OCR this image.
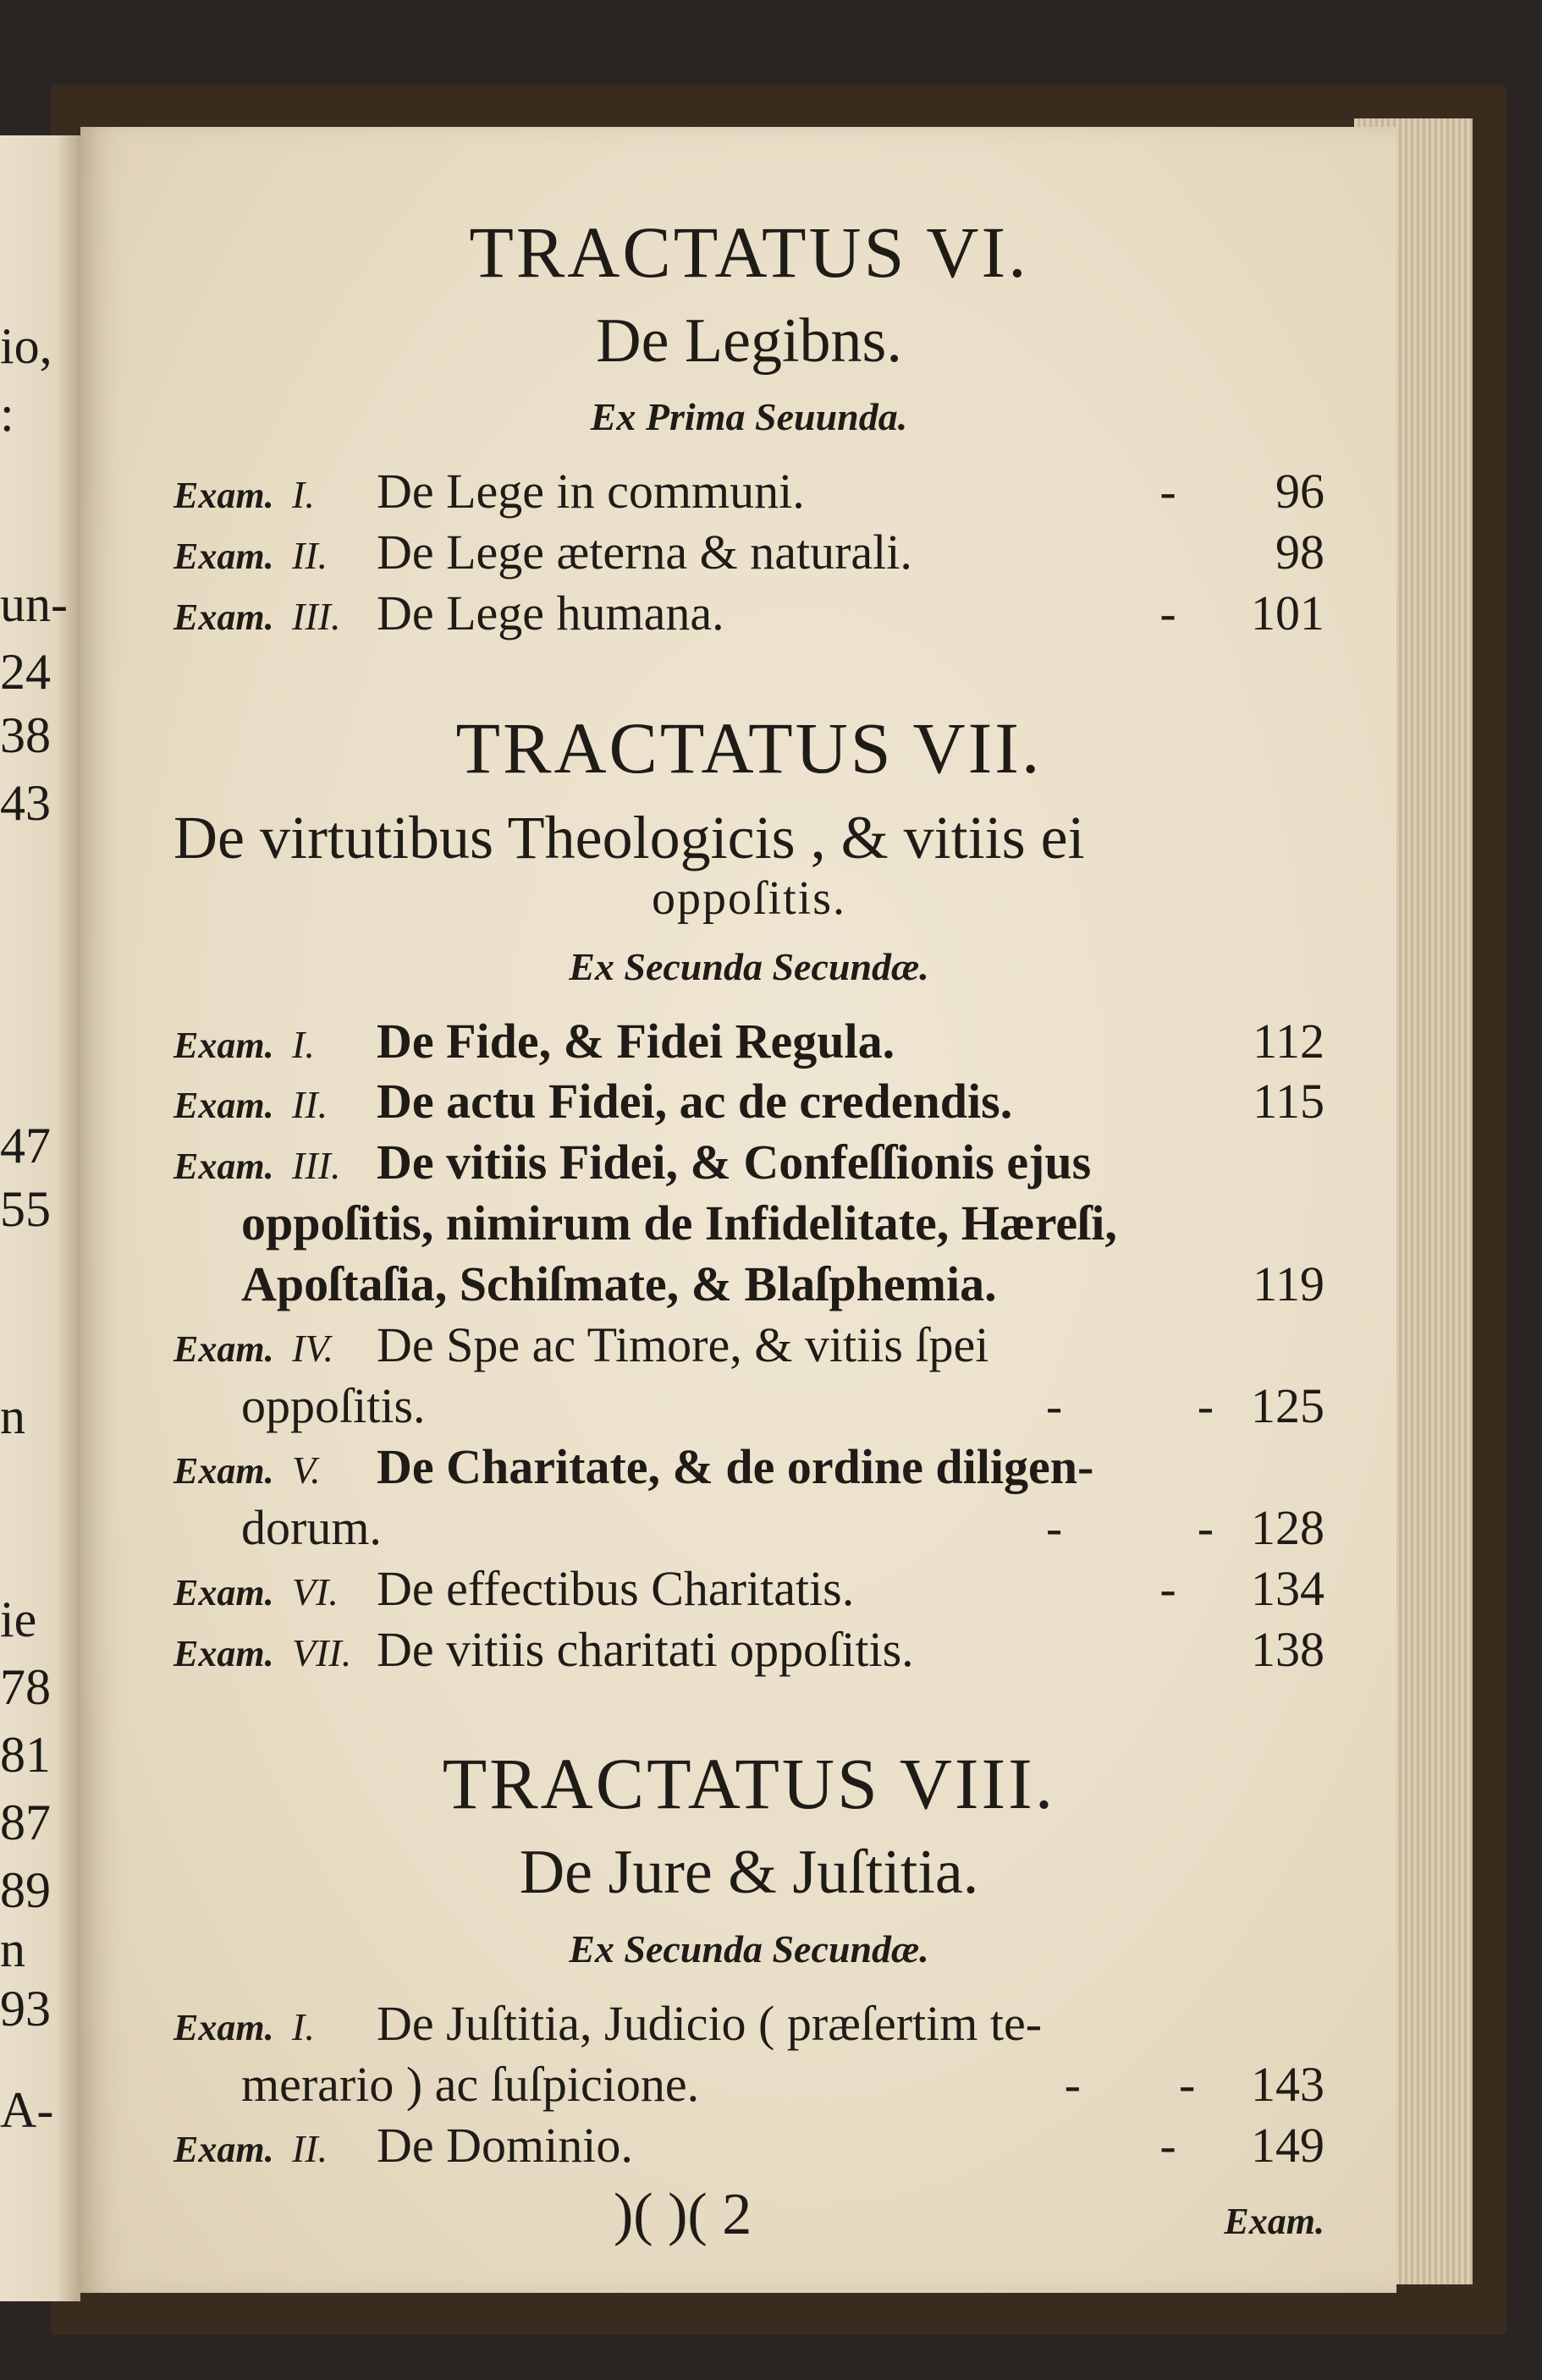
io,
:
un-
24
38
43
47
55
n
ie
78
81
87
89
n
93
A-
TRACTATUS VI.
De Legibns.
Ex Prima Seuunda.
Exam. I.	De Lege in communi.	-	96
Exam. II. De Lege æterna & naturali.	98
Exam. III. De Lege humana.	-	101
TRACTATUS VII.
De virtutibus Theologicis , & vitiis ei
oppoſitis.
Ex Secunda Secundæ.
Exam. I.	De Fide, & Fidei Regula.	112
Exam. II. De actu Fidei, ac de credendis.	115
Exam. III. De vitiis Fidei, & Confeſſionis ejus
oppoſitis, nimirum de Infidelitate, Hæreſi,
Apoſtaſia, Schiſmate, & Blaſphemia.	119
Exam. IV. De Spe ac Timore, & vitiis ſpei
oppoſitis.	-           - 125
Exam. V.	De Charitate, & de ordine diligen-
dorum.	-           - 128
Exam. VI. De effectibus Charitatis.	-	134
Exam. VII. De vitiis charitati oppoſitis.	138
TRACTATUS VIII.
De Jure & Juſtitia.
Ex Secunda Secundæ.
Exam. I.	De Juſtitia, Judicio ( præſertim te-
merario ) ac ſuſpicione.	-        -	143
Exam. II. De Dominio.	-	149
)( )( 2	Exam.
